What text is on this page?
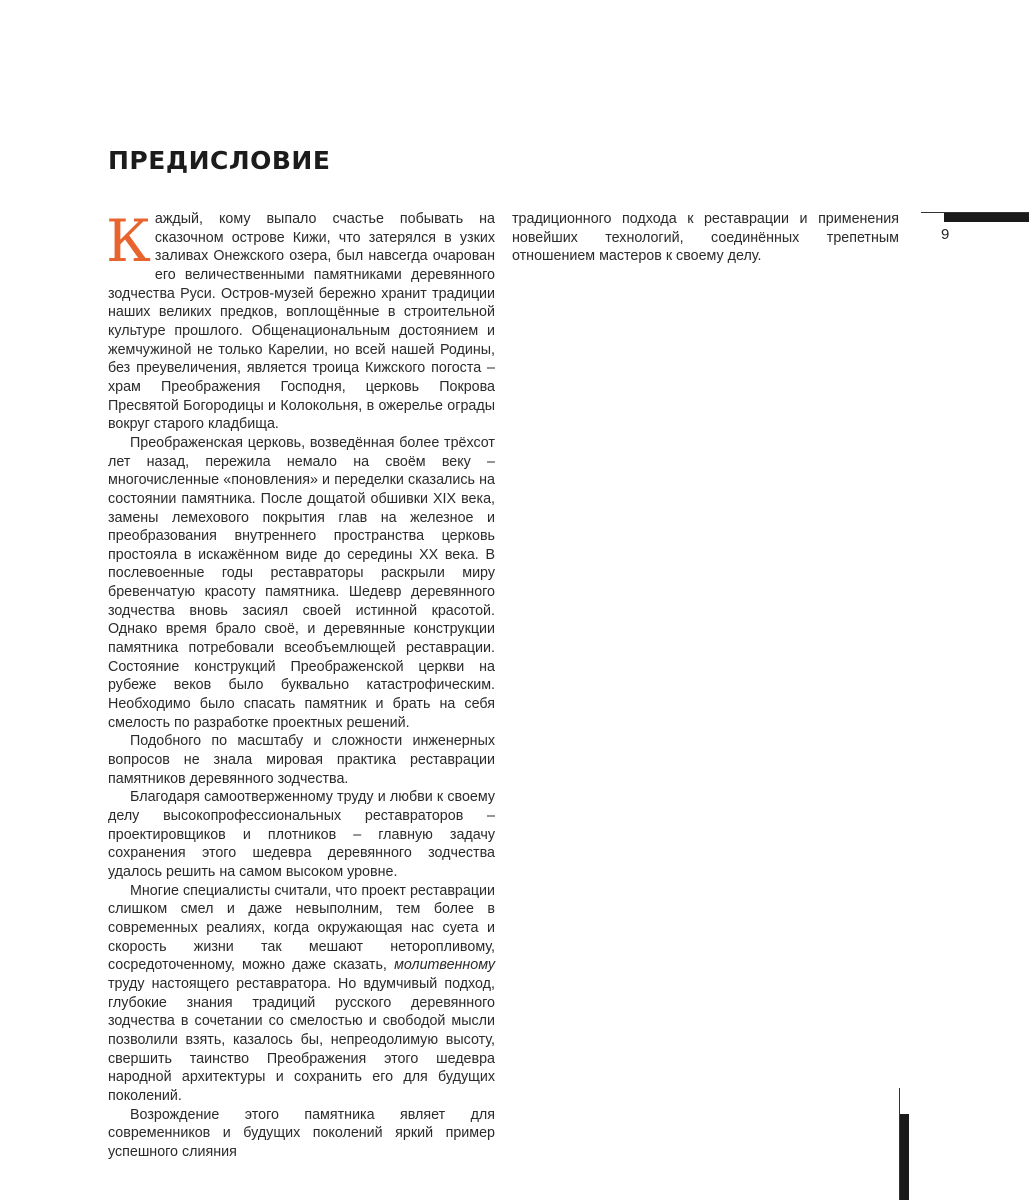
ПРЕДИСЛОВИЕ

Каждый, кому выпало счастье побывать на сказочном острове Кижи, что затерялся в узких заливах Онежского озера, был навсегда очарован его величественными памятниками деревянного зодчества Руси. Остров-музей бережно хранит традиции наших великих предков, воплощённые в строительной культуре прошлого. Общенациональным достоянием и жемчужиной не только Карелии, но всей нашей Родины, без преувеличения, является троица Кижского погоста – храм Преображения Господня, церковь Покрова Пресвятой Богородицы и Колокольня, в ожерелье ограды вокруг старого кладбища.

Преображенская церковь, возведённая более трёхсот лет назад, пережила немало на своём веку – многочисленные «поновления» и переделки сказались на состоянии памятника. После дощатой обшивки XIX века, замены лемехового покрытия глав на железное и преобразования внутреннего пространства церковь простояла в искажённом виде до середины XX века. В послевоенные годы реставраторы раскрыли миру бревенчатую красоту памятника. Шедевр деревянного зодчества вновь засиял своей истинной красотой. Однако время брало своё, и деревянные конструкции памятника потребовали всеобъемлющей реставрации. Состояние конструкций Преображенской церкви на рубеже веков было буквально катастрофическим. Необходимо было спасать памятник и брать на себя смелость по разработке проектных решений.

Подобного по масштабу и сложности инженерных вопросов не знала мировая практика реставрации памятников деревянного зодчества.

Благодаря самоотверженному труду и любви к своему делу высокопрофессиональных реставраторов – проектировщиков и плотников – главную задачу сохранения этого шедевра деревянного зодчества удалось решить на самом высоком уровне.

Многие специалисты считали, что проект реставрации слишком смел и даже невыполним, тем более в современных реалиях, когда окружающая нас суета и скорость жизни так мешают неторопливому, сосредоточенному, можно даже сказать, молитвенному труду настоящего реставратора. Но вдумчивый подход, глубокие знания традиций русского деревянного зодчества в сочетании со смелостью и свободой мысли позволили взять, казалось бы, непреодолимую высоту, свершить таинство Преображения этого шедевра народной архитектуры и сохранить его для будущих поколений.

Возрождение этого памятника являет для современников и будущих поколений яркий пример успешного слияния

традиционного подхода к реставрации и применения новейших технологий, соединённых трепетным отношением мастеров к своему делу.

9
